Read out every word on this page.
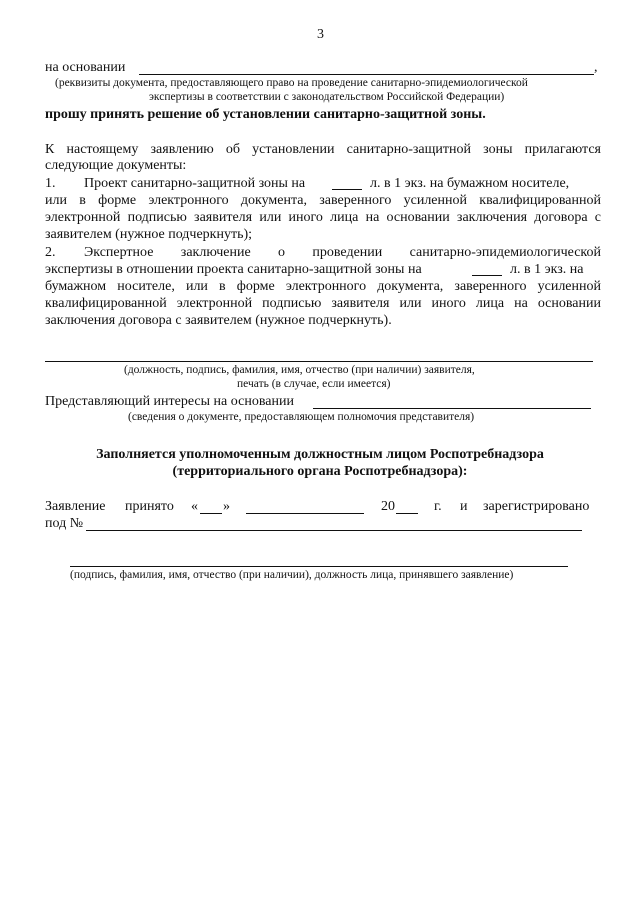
3
на основании	,
(реквизиты документа, предоставляющего право на проведение санитарно-эпидемиологической
экспертизы в соответствии с законодательством Российской Федерации)
прошу принять решение об установлении санитарно-защитной зоны.
К настоящему заявлению об установлении санитарно-защитной зоны прилагаются
следующие документы:
1. Проект санитарно-защитной зоны на	л. в 1 экз. на бумажном носителе,
или в форме электронного документа, заверенного усиленной квалифицированной
электронной подписью заявителя или иного лица на основании заключения договора с
заявителем (нужное подчеркнуть);
2. Экспертное заключение о проведении санитарно-эпидемиологической
экспертизы в отношении проекта санитарно-защитной зоны на	л. в 1 экз. на
бумажном носителе, или в форме электронного документа, заверенного усиленной
квалифицированной электронной подписью заявителя или иного лица на основании
заключения договора с заявителем (нужное подчеркнуть).
(должность, подпись, фамилия, имя, отчество (при наличии) заявителя,
печать (в случае, если имеется)
Представляющий интересы на основании
(сведения о документе, предоставляющем полномочия представителя)
Заполняется уполномоченным должностным лицом Роспотребнадзора
(территориального органа Роспотребнадзора):
Заявление принято « »	20	г. и зарегистрировано
под №
(подпись, фамилия, имя, отчество (при наличии), должность лица, принявшего заявление)
